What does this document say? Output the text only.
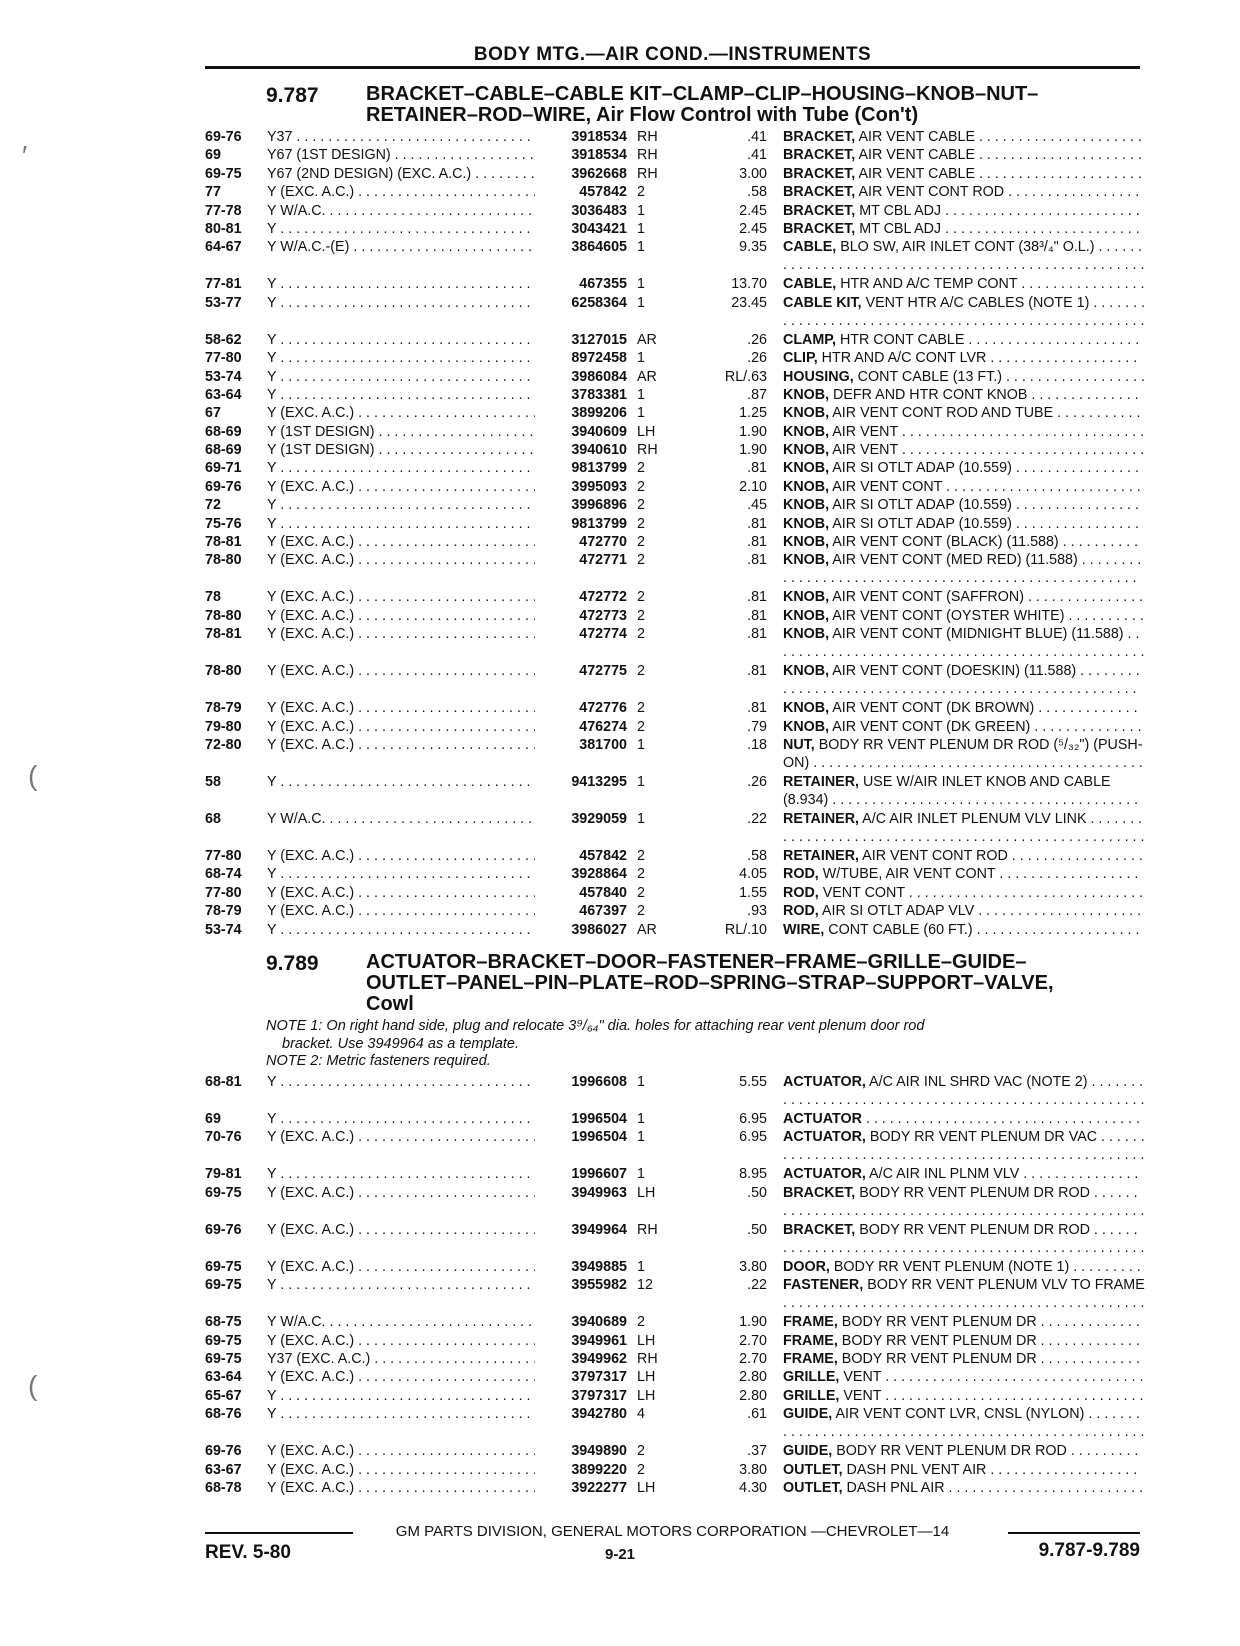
BODY MTG.—AIR COND.—INSTRUMENTS
′
(
(
9.787 BRACKET–CABLE–CABLE KIT–CLAMP–CLIP–HOUSING–KNOB–NUT–
RETAINER–ROD–WIRE, Air Flow Control with Tube (Con't)
69-76 Y37 . . .	3918534 RH	.41 BRACKET, AIR VENT CABLE . . .
69	Y67 (1ST DESIGN) . . .	3918534 RH	.41 BRACKET, AIR VENT CABLE . . .
69-75 Y67 (2ND DESIGN) (EXC. A.C.) . . .	3962668 RH	3.00 BRACKET, AIR VENT CABLE . . .
77	Y (EXC. A.C.) . . .	457842 2	.58 BRACKET, AIR VENT CONT ROD . . .
77-78 Y W/A.C. . . .	3036483 1	2.45 BRACKET, MT CBL ADJ . . .
80-81 Y . . .	3043421 1	2.45 BRACKET, MT CBL ADJ . . .
64-67 Y W/A.C.-(E) . . .	3864605 1	9.35 CABLE, BLO SW, AIR INLET CONT (38³/₄" O.L.) . . .
77-81 Y . . .	467355 1	13.70 CABLE, HTR AND A/C TEMP CONT . . .
53-77 Y . . .	6258364 1	23.45 CABLE KIT, VENT HTR A/C CABLES (NOTE 1) . . .
58-62 Y . . .	3127015 AR	.26 CLAMP, HTR CONT CABLE . . .
77-80 Y . . .	8972458 1	.26 CLIP, HTR AND A/C CONT LVR . . .
53-74 Y . . .	3986084 AR	RL/.63 HOUSING, CONT CABLE (13 FT.) . . .
63-64 Y . . .	3783381 1	.87 KNOB, DEFR AND HTR CONT KNOB . . .
67	Y (EXC. A.C.) . . .	3899206 1	1.25 KNOB, AIR VENT CONT ROD AND TUBE . . .
68-69 Y (1ST DESIGN) . . .	3940609 LH	1.90 KNOB, AIR VENT . . .
68-69 Y (1ST DESIGN) . . .	3940610 RH	1.90 KNOB, AIR VENT . . .
69-71 Y . . .	9813799 2	.81 KNOB, AIR SI OTLT ADAP (10.559) . . .
69-76 Y (EXC. A.C.) . . .	3995093 2	2.10 KNOB, AIR VENT CONT . . .
72	Y . . .	3996896 2	.45 KNOB, AIR SI OTLT ADAP (10.559) . . .
75-76 Y . . .	9813799 2	.81 KNOB, AIR SI OTLT ADAP (10.559) . . .
78-81 Y (EXC. A.C.) . . .	472770 2	.81 KNOB, AIR VENT CONT (BLACK) (11.588) . . .
78-80 Y (EXC. A.C.) . . .	472771 2	.81 KNOB, AIR VENT CONT (MED RED) (11.588) . . .
78	Y (EXC. A.C.) . . .	472772 2	.81 KNOB, AIR VENT CONT (SAFFRON) . . .
78-80 Y (EXC. A.C.) . . .	472773 2	.81 KNOB, AIR VENT CONT (OYSTER WHITE) . . .
78-81 Y (EXC. A.C.) . . .	472774 2	.81 KNOB, AIR VENT CONT (MIDNIGHT BLUE) (11.588) . . .
78-80 Y (EXC. A.C.) . . .	472775 2	.81 KNOB, AIR VENT CONT (DOESKIN) (11.588) . . .
78-79 Y (EXC. A.C.) . . .	472776 2	.81 KNOB, AIR VENT CONT (DK BROWN) . . .
79-80 Y (EXC. A.C.) . . .	476274 2	.79 KNOB, AIR VENT CONT (DK GREEN) . . .
72-80 Y (EXC. A.C.) . . .	381700 1	.18 NUT, BODY RR VENT PLENUM DR ROD (⁵/₃₂") (PUSH-ON) . . .
58	Y . . .	9413295 1	.26 RETAINER, USE W/AIR INLET KNOB AND CABLE (8.934) . . .
68	Y W/A.C. . . .	3929059 1	.22 RETAINER, A/C AIR INLET PLENUM VLV LINK . . .
77-80 Y (EXC. A.C.) . . .	457842 2	.58 RETAINER, AIR VENT CONT ROD . . .
68-74 Y . . .	3928864 2	4.05 ROD, W/TUBE, AIR VENT CONT . . .
77-80 Y (EXC. A.C.) . . .	457840 2	1.55 ROD, VENT CONT . . .
78-79 Y (EXC. A.C.) . . .	467397 2	.93 ROD, AIR SI OTLT ADAP VLV . . .
53-74 Y . . .	3986027 AR	RL/.10 WIRE, CONT CABLE (60 FT.) . . .
9.789 ACTUATOR–BRACKET–DOOR–FASTENER–FRAME–GRILLE–GUIDE–
OUTLET–PANEL–PIN–PLATE–ROD–SPRING–STRAP–SUPPORT–VALVE,
Cowl
NOTE 1: On right hand side, plug and relocate 3⁹/₆₄" dia. holes for attaching rear vent plenum door rod
bracket. Use 3949964 as a template.
NOTE 2: Metric fasteners required.
68-81 Y . . .	1996608 1	5.55 ACTUATOR, A/C AIR INL SHRD VAC (NOTE 2) . . .
69	Y . . .	1996504 1	6.95 ACTUATOR . . .
70-76 Y (EXC. A.C.) . . .	1996504 1	6.95 ACTUATOR, BODY RR VENT PLENUM DR VAC . . .
79-81 Y . . .	1996607 1	8.95 ACTUATOR, A/C AIR INL PLNM VLV . . .
69-75 Y (EXC. A.C.) . . .	3949963 LH	.50 BRACKET, BODY RR VENT PLENUM DR ROD . . .
69-76 Y (EXC. A.C.) . . .	3949964 RH	.50 BRACKET, BODY RR VENT PLENUM DR ROD . . .
69-75 Y (EXC. A.C.) . . .	3949885 1	3.80 DOOR, BODY RR VENT PLENUM (NOTE 1) . . .
69-75 Y . . .	3955982 12	.22 FASTENER, BODY RR VENT PLENUM VLV TO FRAME . . .
68-75 Y W/A.C. . . .	3940689 2	1.90 FRAME, BODY RR VENT PLENUM DR . . .
69-75 Y (EXC. A.C.) . . .	3949961 LH	2.70 FRAME, BODY RR VENT PLENUM DR . . .
69-75 Y37 (EXC. A.C.) . . .	3949962 RH	2.70 FRAME, BODY RR VENT PLENUM DR . . .
63-64 Y (EXC. A.C.) . . .	3797317 LH	2.80 GRILLE, VENT . . .
65-67 Y . . .	3797317 LH	2.80 GRILLE, VENT . . .
68-76 Y . . .	3942780 4	.61 GUIDE, AIR VENT CONT LVR, CNSL (NYLON) . . .
69-76 Y (EXC. A.C.) . . .	3949890 2	.37 GUIDE, BODY RR VENT PLENUM DR ROD . . .
63-67 Y (EXC. A.C.) . . .	3899220 2	3.80 OUTLET, DASH PNL VENT AIR . . .
68-78 Y (EXC. A.C.) . . .	3922277 LH	4.30 OUTLET, DASH PNL AIR . . .
GM PARTS DIVISION, GENERAL MOTORS CORPORATION —CHEVROLET—14
REV. 5-80	9-21	9.787-9.789
